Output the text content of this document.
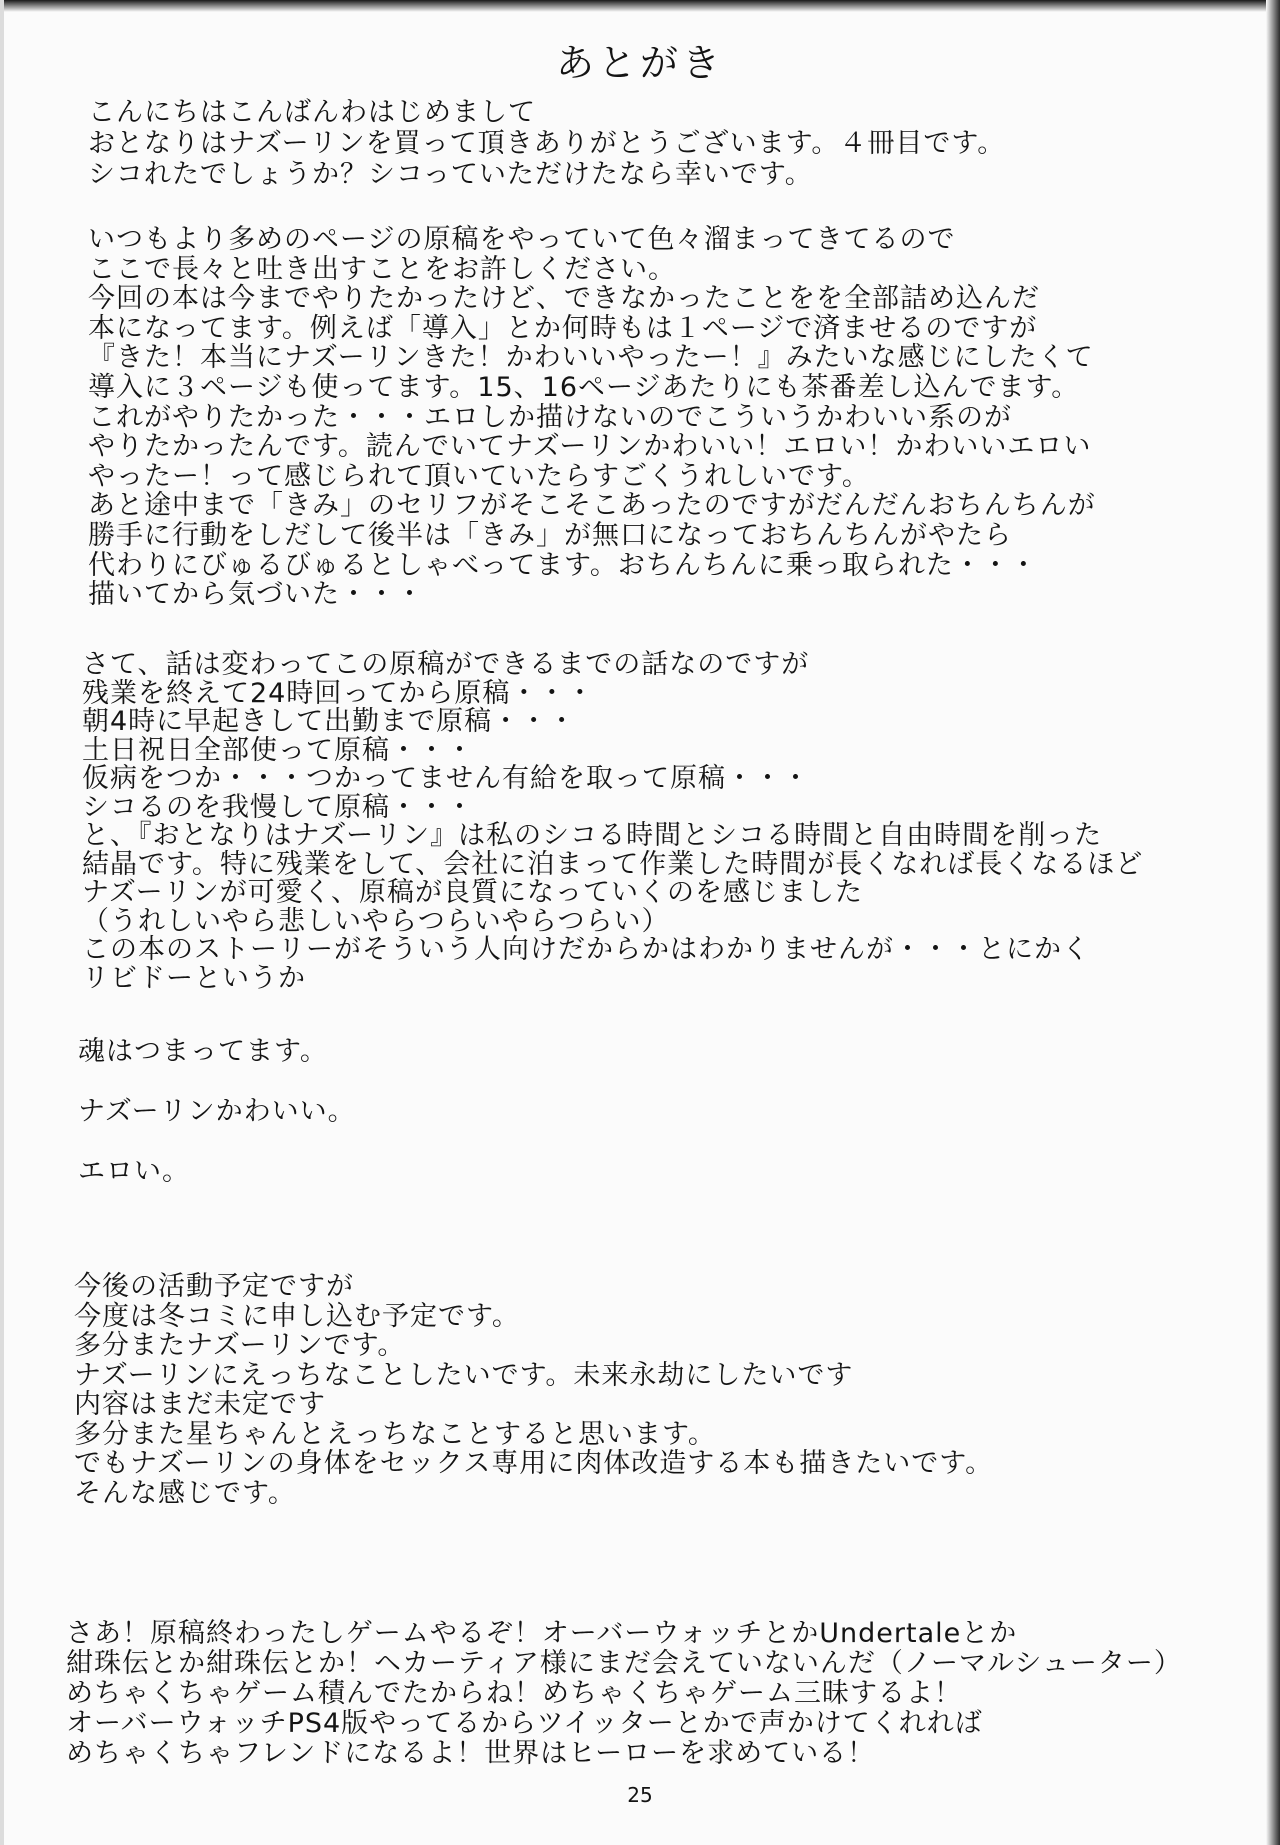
あとがき
こんにちはこんばんわはじめまして
おとなりはナズーリンを買って頂きありがとうございます。４冊目です。
シコれたでしょうか？シコっていただけたなら幸いです。
いつもより多めのページの原稿をやっていて色々溜まってきてるので
ここで長々と吐き出すことをお許しください。
今回の本は今までやりたかったけど、できなかったことをを全部詰め込んだ
本になってます。例えば「導入」とか何時もは１ページで済ませるのですが
『きた！本当にナズーリンきた！かわいいやったー！』みたいな感じにしたくて
導入に３ページも使ってます。15、16ページあたりにも茶番差し込んでます。
これがやりたかった・・・エロしか描けないのでこういうかわいい系のが
やりたかったんです。読んでいてナズーリンかわいい！エロい！かわいいエロい
やったー！って感じられて頂いていたらすごくうれしいです。
あと途中まで「きみ」のセリフがそこそこあったのですがだんだんおちんちんが
勝手に行動をしだして後半は「きみ」が無口になっておちんちんがやたら
代わりにびゅるびゅるとしゃべってます。おちんちんに乗っ取られた・・・
描いてから気づいた・・・
さて、話は変わってこの原稿ができるまでの話なのですが
残業を終えて24時回ってから原稿・・・
朝4時に早起きして出勤まで原稿・・・
土日祝日全部使って原稿・・・
仮病をつか・・・つかってません有給を取って原稿・・・
シコるのを我慢して原稿・・・
と、『おとなりはナズーリン』は私のシコる時間とシコる時間と自由時間を削った
結晶です。特に残業をして、会社に泊まって作業した時間が長くなれば長くなるほど
ナズーリンが可愛く、原稿が良質になっていくのを感じました
（うれしいやら悲しいやらつらいやらつらい）
この本のストーリーがそういう人向けだからかはわかりませんが・・・とにかく
リビドーというか
魂はつまってます。
ナズーリンかわいい。
エロい。
今後の活動予定ですが
今度は冬コミに申し込む予定です。
多分またナズーリンです。
ナズーリンにえっちなことしたいです。未来永劫にしたいです
内容はまだ未定です
多分また星ちゃんとえっちなことすると思います。
でもナズーリンの身体をセックス専用に肉体改造する本も描きたいです。
そんな感じです。
さあ！原稿終わったしゲームやるぞ！オーバーウォッチとかUndertaleとか
紺珠伝とか紺珠伝とか！ヘカーティア様にまだ会えていないんだ（ノーマルシューター）
めちゃくちゃゲーム積んでたからね！めちゃくちゃゲーム三昧するよ！
オーバーウォッチPS4版やってるからツイッターとかで声かけてくれれば
めちゃくちゃフレンドになるよ！世界はヒーローを求めている！
25
